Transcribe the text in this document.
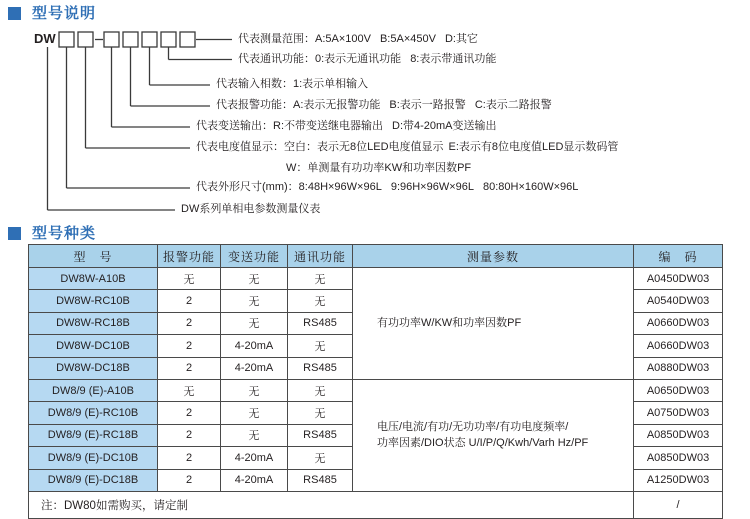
型号说明
DW	代表测量范围：A:5A×100V B:5A×450V D:其它
代表通讯功能：0:表示无通讯功能 8:表示带通讯功能
代表输入相数：1:表示单相输入
代表报警功能：A:表示无报警功能 B:表示一路报警 C:表示二路报警
代表变送输出：R:不带变送继电器输出 D:带4-20mA变送输出
代表电度值显示：空白：表示无8位LED电度值显示 E:表示有8位电度值LED显示数码管
W：单测量有功功率KW和功率因数PF
代表外形尺寸(mm)：8:48H×96W×96L 9:96H×96W×96L 80:80H×160W×96L
DW系列单相电参数测量仪表
型号种类
型　号	报警功能	变送功能	通讯功能	测量参数	编　码
DW8W-A10B	无	无	无	有功功率W/KW和功率因数PF	A0450DW03
DW8W-RC10B	2	无	无		A0540DW03
DW8W-RC18B	2	无	RS485		A0660DW03
DW8W-DC10B	2	4-20mA	无		A0660DW03
DW8W-DC18B	2	4-20mA	RS485		A0880DW03
DW8/9 (E)-A10B	无	无	无	电压/电流/有功/无功功率/有功电度频率/
功率因素/DIO状态 U/I/P/Q/Kwh/Varh Hz/PF	A0650DW03
DW8/9 (E)-RC10B	2	无	无		A0750DW03
DW8/9 (E)-RC18B	2	无	RS485		A0850DW03
DW8/9 (E)-DC10B	2	4-20mA	无		A0850DW03
DW8/9 (E)-DC18B	2	4-20mA	RS485		A1250DW03
注：DW80如需购买，请定制					/
